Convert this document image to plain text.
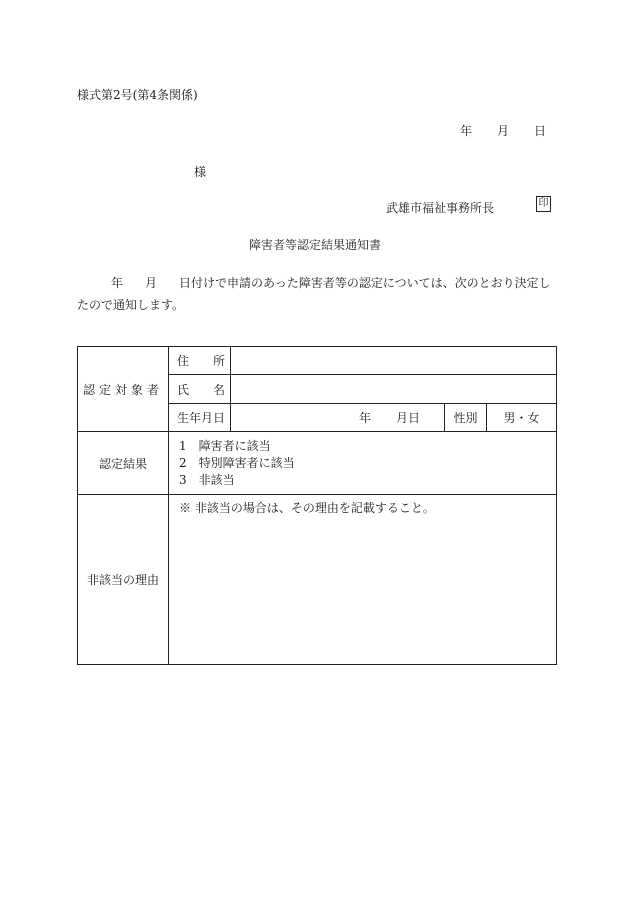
様式第2号(第4条関係)
年 月 日
様
武雄市福祉事務所長	印
障害者等認定結果通知書
年 月 日付けで申請のあった障害者等の認定については、次のとおり決定したので通知します。
認定対象者	住　　所			
	氏　　名			
	生年月日	年 月日	性別	男・女
認定結果	1　障害者に該当
2　特別障害者に該当
3　非該当			

非該当の理由	※ 非該当の場合は、その理由を記載すること。			
